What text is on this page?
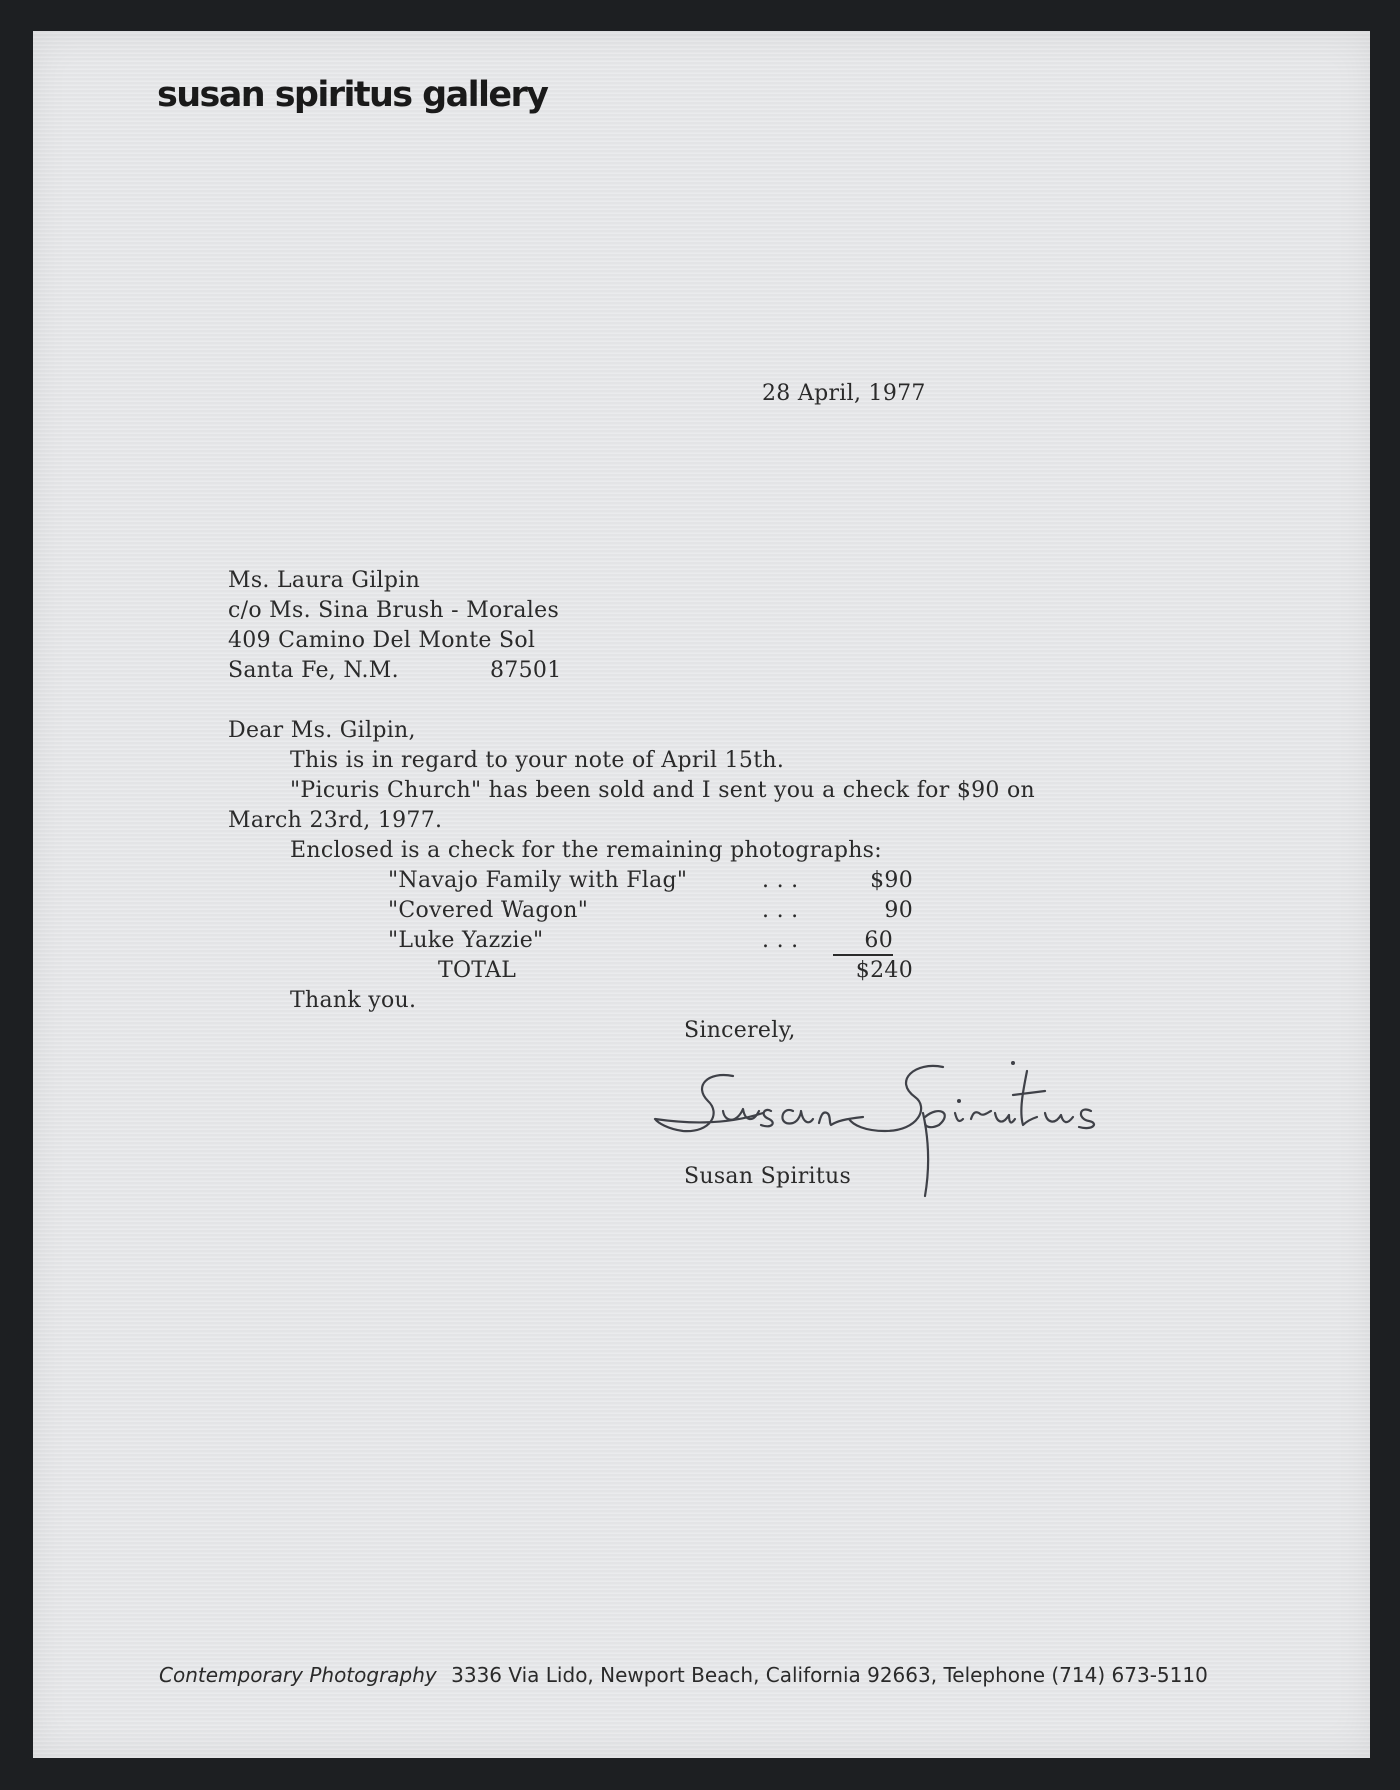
susan spiritus gallery
28 April, 1977
Ms. Laura Gilpin
c/o Ms. Sina Brush - Morales
409 Camino Del Monte Sol
Santa Fe, N.M.	87501
Dear Ms. Gilpin,
This is in regard to your note of April 15th.
"Picuris Church" has been sold and I sent you a check for $90 on
March 23rd, 1977.
Enclosed is a check for the remaining photographs:
"Navajo Family with Flag"	. . .	$90
"Covered Wagon"	. . .	90
"Luke Yazzie"	. . .	60
TOTAL	$240
Thank you.
Sincerely,
Susan Spiritus
Contemporary Photography 3336 Via Lido, Newport Beach, California 92663, Telephone (714) 673-5110
